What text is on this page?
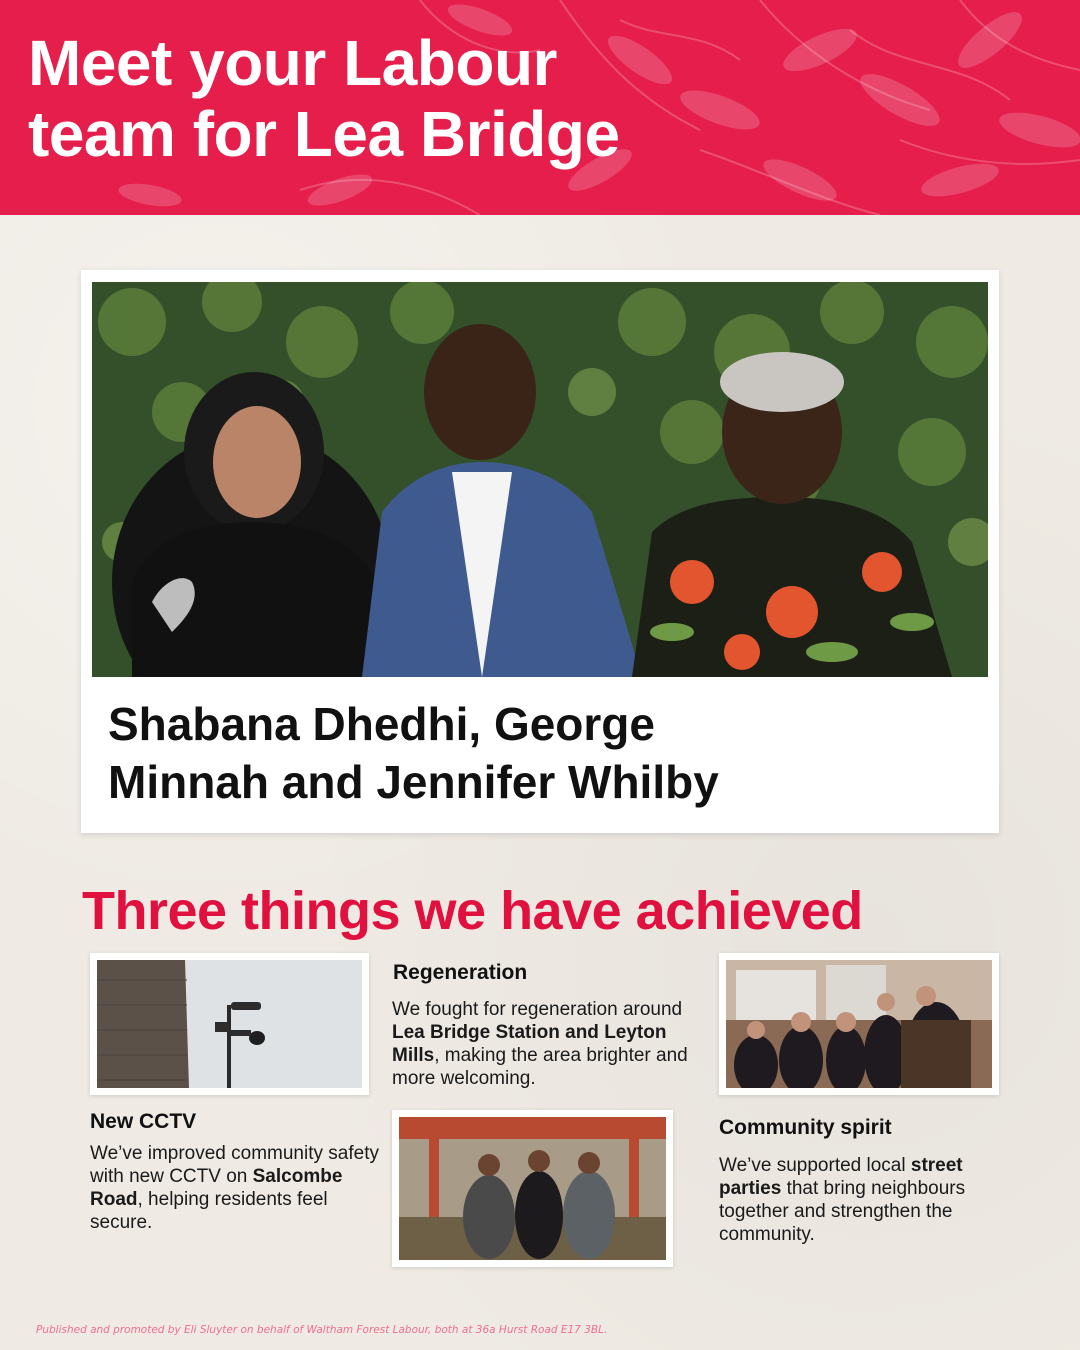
Meet your Labour
team for Lea Bridge
Shabana Dhedhi, George
Minnah and Jennifer Whilby
Three things we have achieved
Regeneration
We fought for regeneration around Lea Bridge Station and Leyton Mills, making the area brighter and more welcoming.
New CCTV
We’ve improved community safety with new CCTV on Salcombe Road, helping residents feel secure.
Community spirit
We’ve supported local street parties that bring neighbours together and strengthen the community.
Published and promoted by Eli Sluyter on behalf of Waltham Forest Labour, both at 36a Hurst Road E17 3BL.
